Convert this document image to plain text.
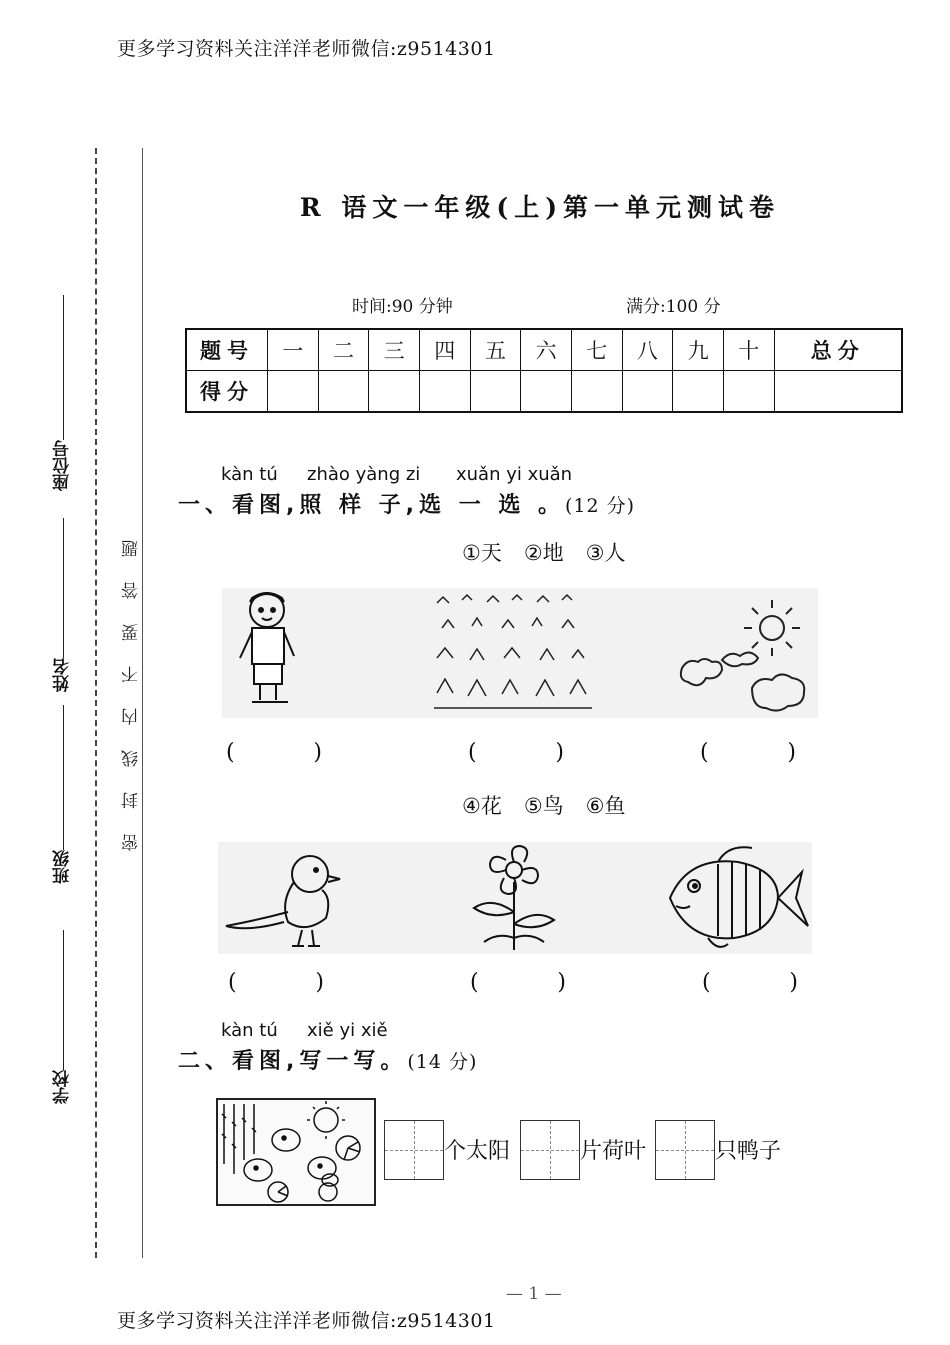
更多学习资料关注洋洋老师微信:z9514301
座位号
姓名
班级
学校
密封线内不要答题
R 语文一年级(上)第一单元测试卷
时间:90 分钟	满分:100 分
题号	一	二	三	四	五	六	七	八	九	十	总分
得分											
kàn tú zhào yàng zi xuǎn yi xuǎn
一、看图,照 样 子,选 一 选 。(12 分)
①天 ②地 ③人
(	)	(	)	(	)
④花 ⑤鸟 ⑥鱼
(	)	(	)	(	)
kàn tú xiě yi xiě
二、看图,写一写。(14 分)
个太阳	片荷叶	只鸭子
— 1 —
更多学习资料关注洋洋老师微信:z9514301
